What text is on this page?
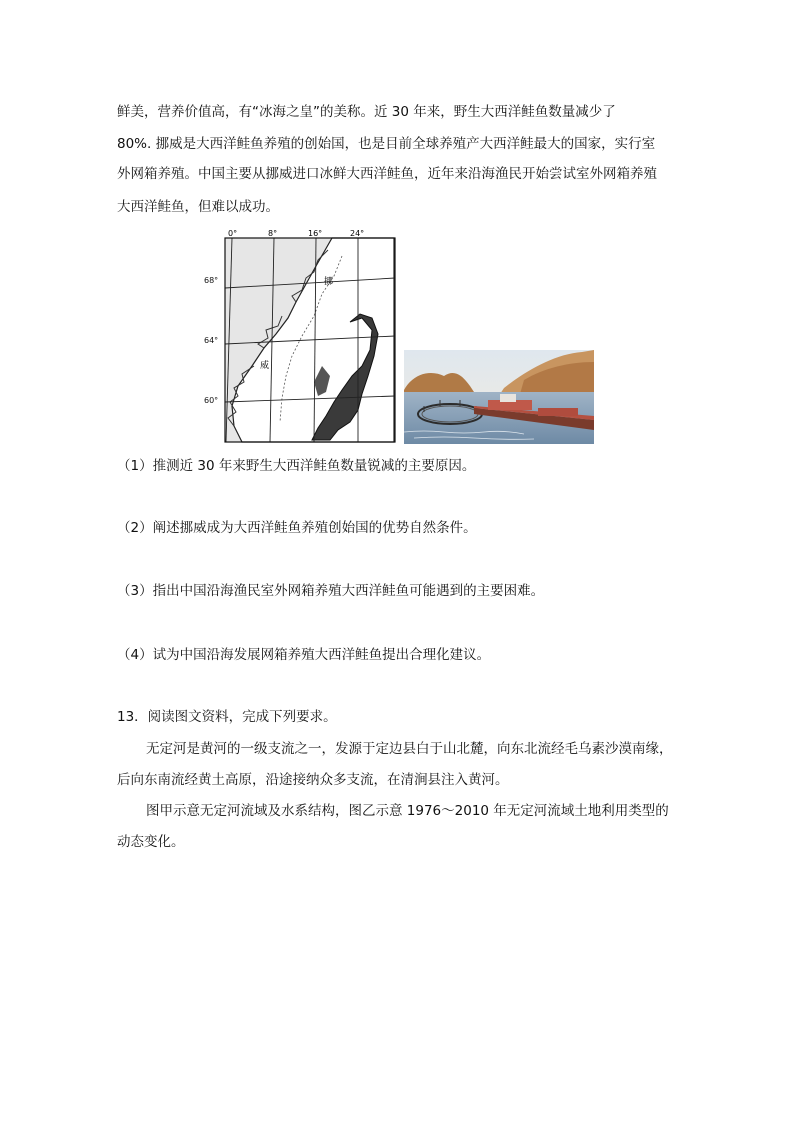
鲜美，营养价值高，有“冰海之皇”的美称。近 30 年来，野生大西洋鲑鱼数量减少了
80%. 挪威是大西洋鲑鱼养殖的创始国，也是目前全球养殖产大西洋鲑最大的国家，实行室
外网箱养殖。中国主要从挪威进口冰鲜大西洋鲑鱼，近年来沿海渔民开始尝试室外网箱养殖
大西洋鲑鱼，但难以成功。
0°	8°	16°	24°
挪
威
68°
64°
60°
（1）推测近 30 年来野生大西洋鲑鱼数量锐减的主要原因。
（2）阐述挪威成为大西洋鲑鱼养殖创始国的优势自然条件。
（3）指出中国沿海渔民室外网箱养殖大西洋鲑鱼可能遇到的主要困难。
（4）试为中国沿海发展网箱养殖大西洋鲑鱼提出合理化建议。
13．阅读图文资料，完成下列要求。
无定河是黄河的一级支流之一，发源于定边县白于山北麓，向东北流经毛乌素沙漠南缘，
后向东南流经黄土高原，沿途接纳众多支流，在清涧县注入黄河。
图甲示意无定河流域及水系结构，图乙示意 1976～2010 年无定河流域土地利用类型的
动态变化。
